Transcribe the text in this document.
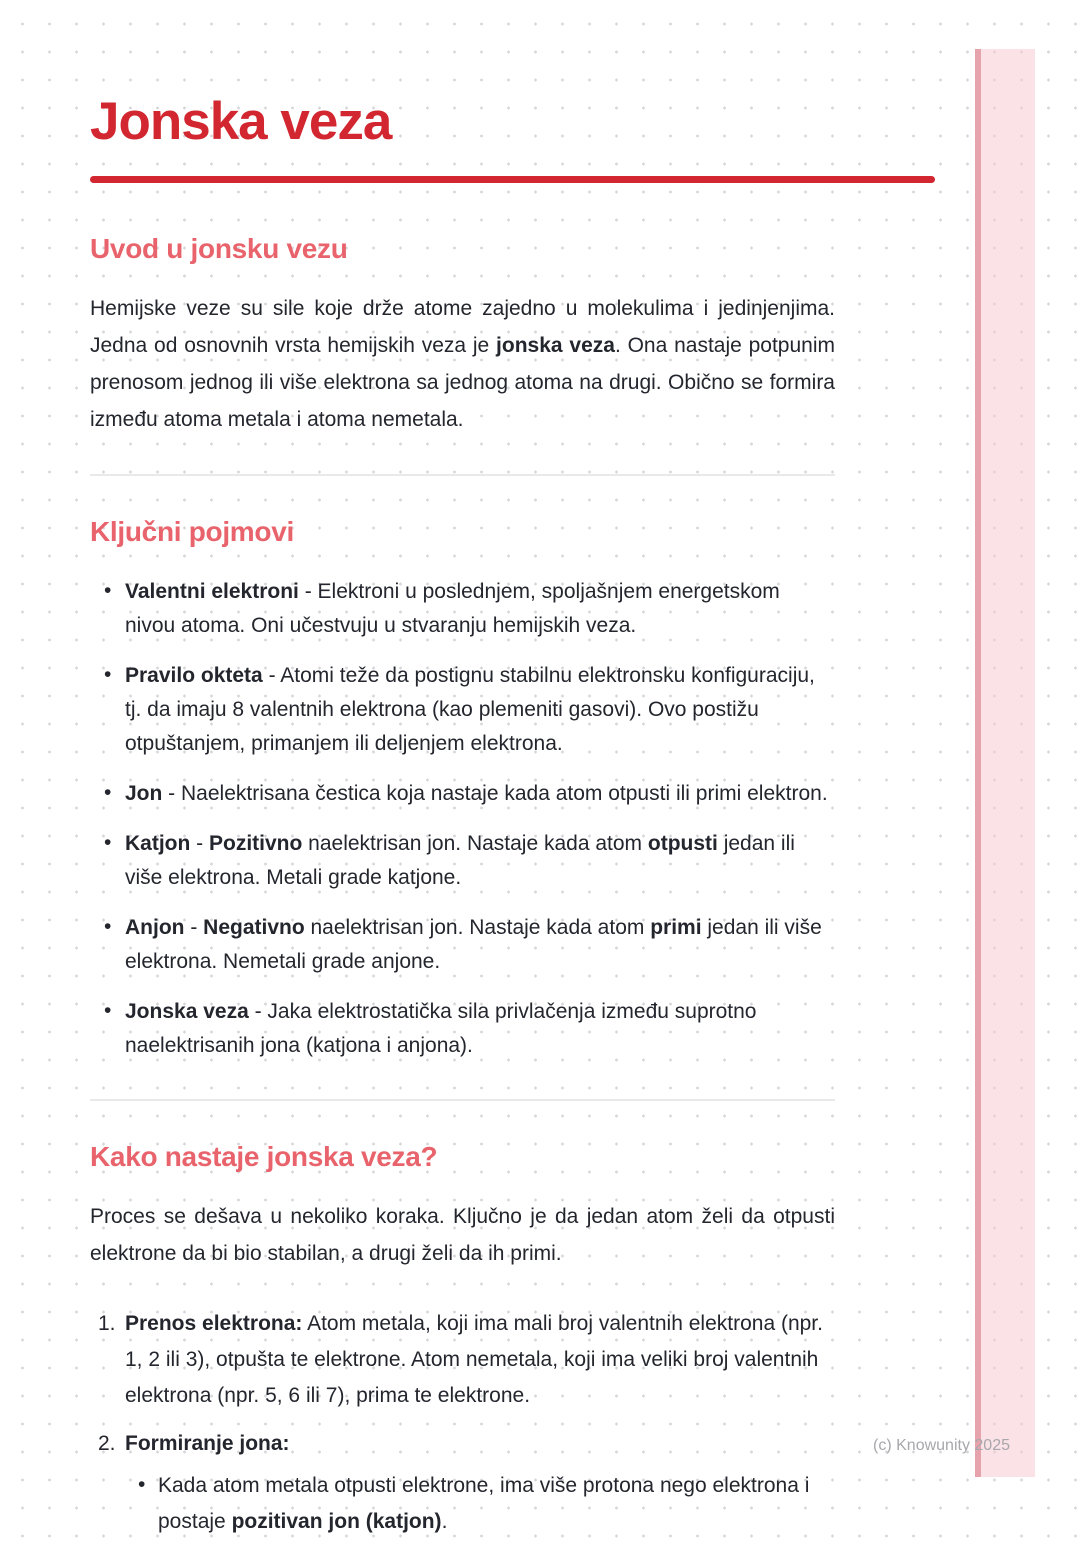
Jonska veza
Uvod u jonsku vezu

Hemijske veze su sile koje drže atome zajedno u molekulima i jedinjenjima. Jedna od osnovnih vrsta hemijskih veza je jonska veza. Ona nastaje potpunim prenosom jednog ili više elektrona sa jednog atoma na drugi. Obično se formira između atoma metala i atoma nemetala.

Ključni pojmovi
• Valentni elektroni - Elektroni u poslednjem, spoljašnjem energetskom nivou atoma. Oni učestvuju u stvaranju hemijskih veza.
• Pravilo okteta - Atomi teže da postignu stabilnu elektronsku konfiguraciju, tj. da imaju 8 valentnih elektrona (kao plemeniti gasovi). Ovo postižu otpuštanjem, primanjem ili deljenjem elektrona.
• Jon - Naelektrisana čestica koja nastaje kada atom otpusti ili primi elektron.
• Katjon - Pozitivno naelektrisan jon. Nastaje kada atom otpusti jedan ili više elektrona. Metali grade katjone.
• Anjon - Negativno naelektrisan jon. Nastaje kada atom primi jedan ili više elektrona. Nemetali grade anjone.
• Jonska veza - Jaka elektrostatička sila privlačenja između suprotno naelektrisanih jona (katjona i anjona).
Kako nastaje jonska veza?

Proces se dešava u nekoliko koraka. Ključno je da jedan atom želi da otpusti elektrone da bi bio stabilan, a drugi želi da ih primi.

1. Prenos elektrona: Atom metala, koji ima mali broj valentnih elektrona (npr. 1, 2 ili 3), otpušta te elektrone. Atom nemetala, koji ima veliki broj valentnih elektrona (npr. 5, 6 ili 7), prima te elektrone.
2. Formiranje jona:
• Kada atom metala otpusti elektrone, ima više protona nego elektrona i postaje pozitivan jon (katjon).
(c) Knowunity 2025
